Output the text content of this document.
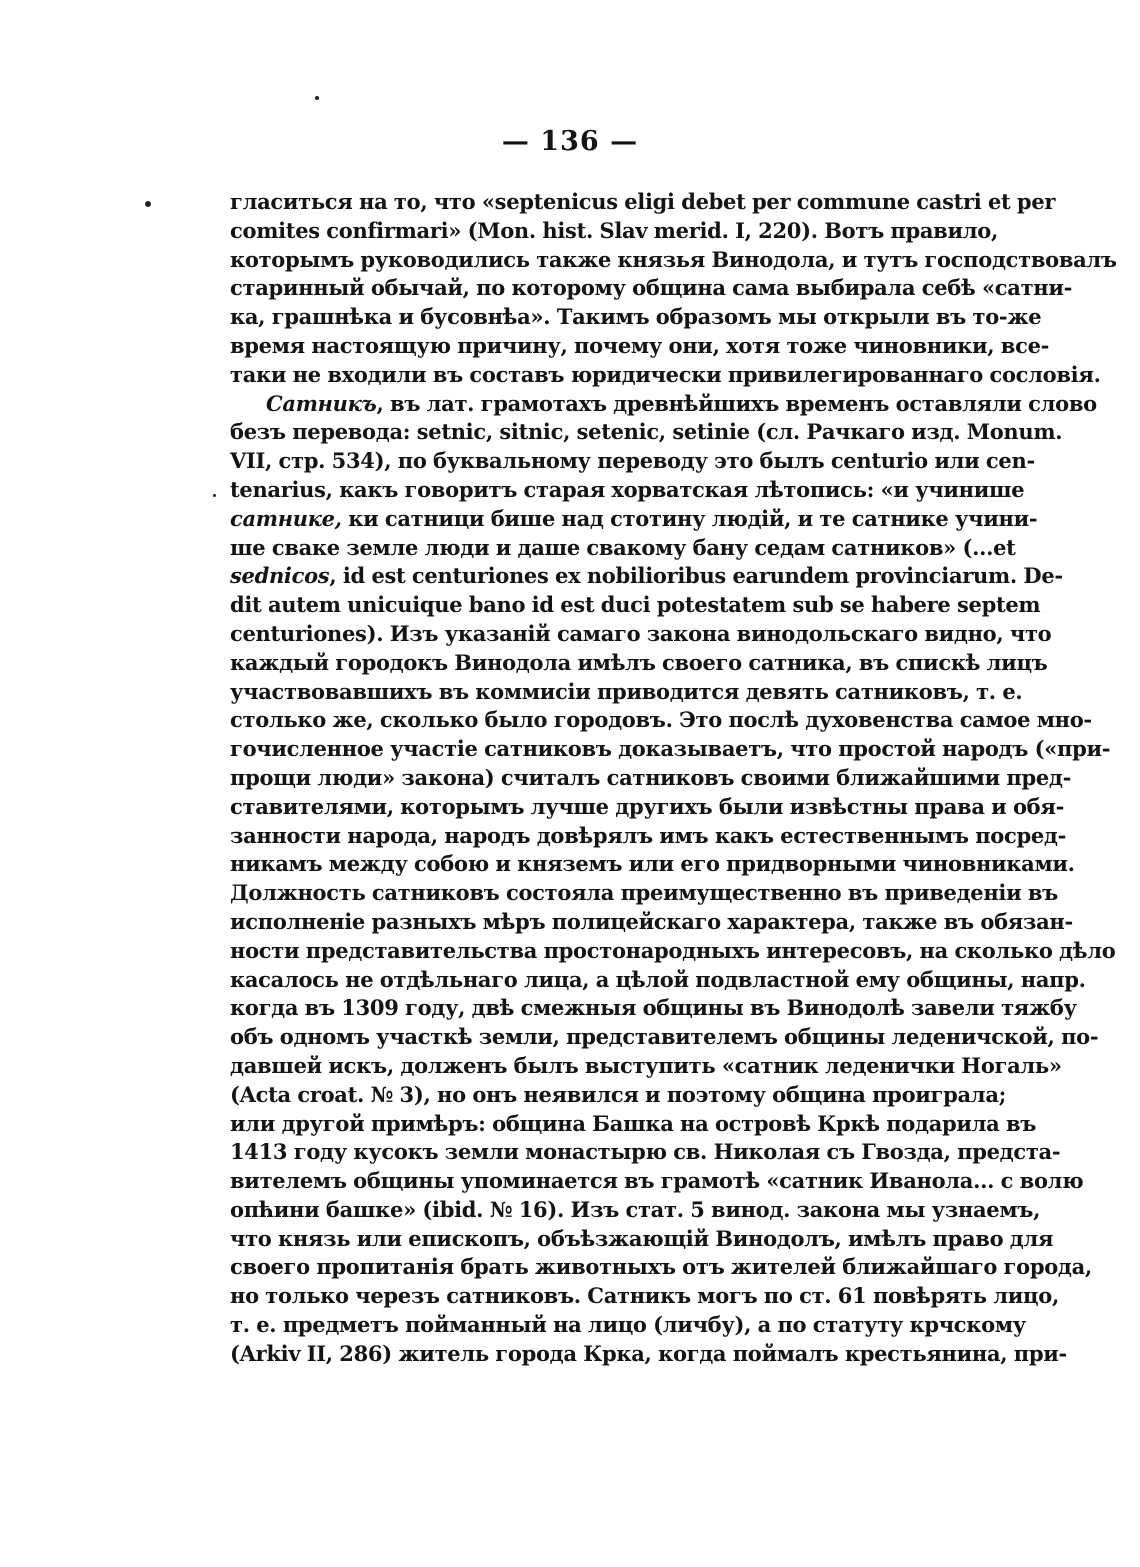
— 136 —
гласиться на то, что «septenicus eligi debet per commune castri et per
comites confirmari» (Mon. hist. Slav merid. I, 220). Вотъ правило,
которымъ руководились также князья Винодола, и тутъ господствовалъ
старинный обычай, по которому община сама выбирала себѣ «сатни-
ка, грашнѣка и бусовнѣа». Такимъ образомъ мы открыли въ то-же
время настоящую причину, почему они, хотя тоже чиновники, все-
таки не входили въ составъ юридически привилегированнаго сословія.
Сатникъ, въ лат. грамотахъ древнѣйшихъ временъ оставляли слово
безъ перевода: setnic, sitnic, setenic, setinie (сл. Рачкаго изд. Monum.
VII, стр. 534), по буквальному переводу это былъ centurio или cen-
tenarius, какъ говоритъ старая хорватская лѣтопись: «и учинише
сатнике, ки сатници бише над стотину людій, и те сатнике учини-
ше сваке земле люди и даше свакому бану седам сатников» (...et
sednicos, id est centuriones ex nobilioribus earundem provinciarum. De-
dit autem unicuique bano id est duci potestatem sub se habere septem
centuriones). Изъ указаній самаго закона винодольскаго видно, что
каждый городокъ Винодола имѣлъ своего сатника, въ спискѣ лицъ
участвовавшихъ въ коммисіи приводится девять сатниковъ, т. е.
столько же, сколько было городовъ. Это послѣ духовенства самое мно-
гочисленное участіе сатниковъ доказываетъ, что простой народъ («при-
прощи люди» закона) считалъ сатниковъ своими ближайшими пред-
ставителями, которымъ лучше другихъ были извѣстны права и обя-
занности народа, народъ довѣрялъ имъ какъ естественнымъ посред-
никамъ между собою и княземъ или его придворными чиновниками.
Должность сатниковъ состояла преимущественно въ приведеніи въ
исполненіе разныхъ мѣръ полицейскаго характера, также въ обязан-
ности представительства простонародныхъ интересовъ, на сколько дѣло
касалось не отдѣльнаго лица, а цѣлой подвластной ему общины, напр.
когда въ 1309 году, двѣ смежныя общины въ Винодолѣ завели тяжбу
объ одномъ участкѣ земли, представителемъ общины леденичской, по-
давшей искъ, долженъ былъ выступить «сатник леденички Ногаль»
(Acta croat. № 3), но онъ неявился и поэтому община проиграла;
или другой примѣръ: община Башка на островѣ Кркѣ подарила въ
1413 году кусокъ земли монастырю св. Николая съ Гвозда, предста-
вителемъ общины упоминается въ грамотѣ «сатник Иванола... с волю
опћини башке» (ibid. № 16). Изъ стат. 5 винод. закона мы узнаемъ,
что князь или епископъ, объѣзжающій Винодолъ, имѣлъ право для
своего пропитанія брать животныхъ отъ жителей ближайшаго города,
но только черезъ сатниковъ. Сатникъ могъ по ст. 61 повѣрять лицо,
т. е. предметъ пойманный на лицо (личбу), а по статуту крчскому
(Arkiv II, 286) житель города Крка, когда поймалъ крестьянина, при-
